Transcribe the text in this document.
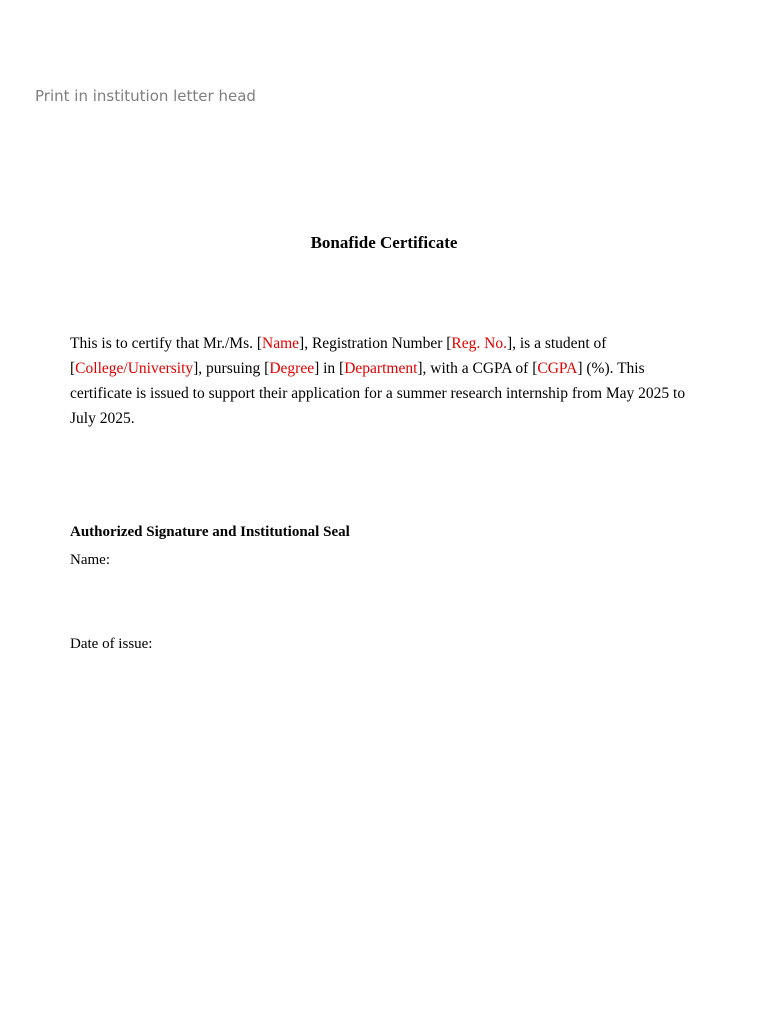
Print in institution letter head
Bonafide Certificate

This is to certify that Mr./Ms. [Name], Registration Number [Reg. No.], is a student of [College/University], pursuing [Degree] in [Department], with a CGPA of [CGPA] (%). This certificate is issued to support their application for a summer research internship from May 2025 to July 2025.

Authorized Signature and Institutional Seal
Name:
Date of issue:
